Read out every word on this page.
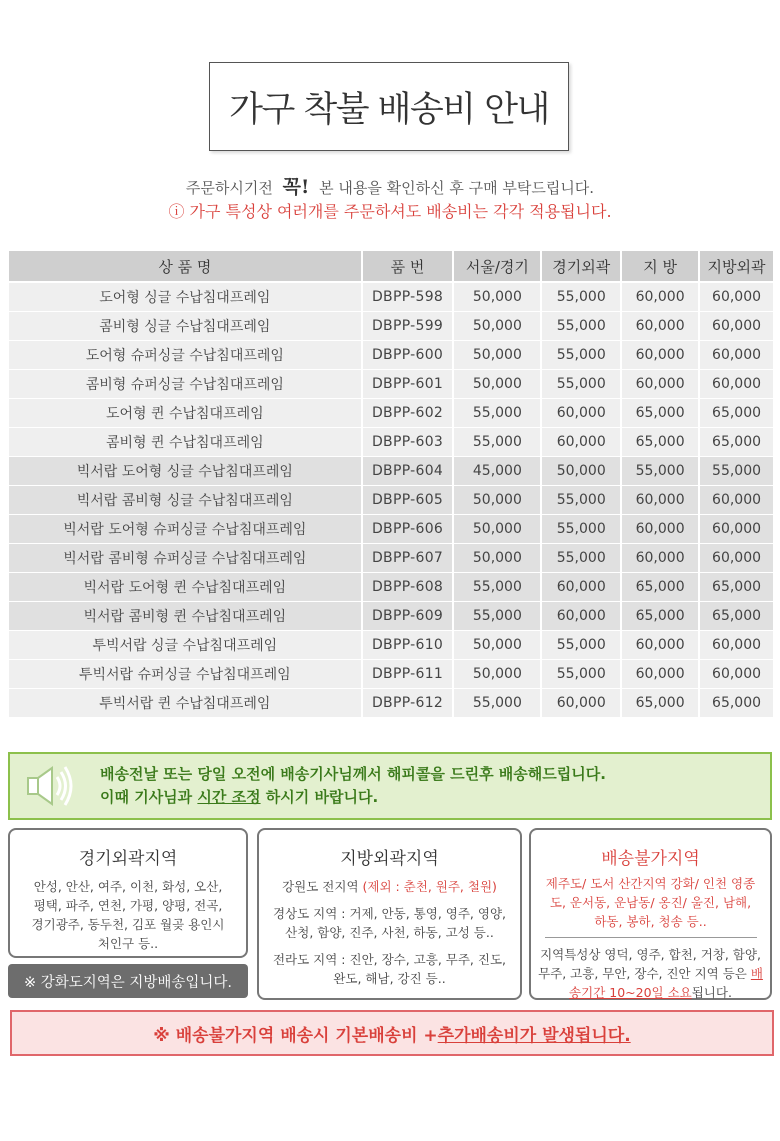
가구 착불 배송비 안내
주문하시기전 꼭! 본 내용을 확인하신 후 구매 부탁드립니다.
ⓘ 가구 특성상 여러개를 주문하셔도 배송비는 각각 적용됩니다.
상 품 명	품 번	서울/경기	경기외곽	지 방	지방외곽
도어형 싱글 수납침대프레임	DBPP-598	50,000	55,000	60,000	60,000
콤비형 싱글 수납침대프레임	DBPP-599	50,000	55,000	60,000	60,000
도어형 슈퍼싱글 수납침대프레임	DBPP-600	50,000	55,000	60,000	60,000
콤비형 슈퍼싱글 수납침대프레임	DBPP-601	50,000	55,000	60,000	60,000
도어형 퀸 수납침대프레임	DBPP-602	55,000	60,000	65,000	65,000
콤비형 퀸 수납침대프레임	DBPP-603	55,000	60,000	65,000	65,000
빅서랍 도어형 싱글 수납침대프레임	DBPP-604	45,000	50,000	55,000	55,000
빅서랍 콤비형 싱글 수납침대프레임	DBPP-605	50,000	55,000	60,000	60,000
빅서랍 도어형 슈퍼싱글 수납침대프레임	DBPP-606	50,000	55,000	60,000	60,000
빅서랍 콤비형 슈퍼싱글 수납침대프레임	DBPP-607	50,000	55,000	60,000	60,000
빅서랍 도어형 퀸 수납침대프레임	DBPP-608	55,000	60,000	65,000	65,000
빅서랍 콤비형 퀸 수납침대프레임	DBPP-609	55,000	60,000	65,000	65,000
투빅서랍 싱글 수납침대프레임	DBPP-610	50,000	55,000	60,000	60,000
투빅서랍 슈퍼싱글 수납침대프레임	DBPP-611	50,000	55,000	60,000	60,000
투빅서랍 퀸 수납침대프레임	DBPP-612	55,000	60,000	65,000	65,000
배송전날 또는 당일 오전에 배송기사님께서 해피콜을 드린후 배송해드립니다.
이때 기사님과 시간 조정 하시기 바랍니다.
경기외곽지역

안성, 안산, 여주, 이천, 화성, 오산, 평택, 파주, 연천, 가평, 양평, 전곡, 경기광주, 동두천, 김포 월곶 용인시 처인구 등..

※ 강화도지역은 지방배송입니다.
지방외곽지역

강원도 전지역 (제외 : 춘천, 원주, 철원)

경상도 지역 : 거제, 안동, 통영, 영주, 영양, 산청, 함양, 진주, 사천, 하동, 고성 등..

전라도 지역 : 진안, 장수, 고흥, 무주, 진도, 완도, 해남, 강진 등..

배송불가지역

제주도/ 도서 산간지역 강화/ 인천 영종도, 운서동, 운남동/ 옹진/ 울진, 남해, 하동, 봉하, 청송 등..

지역특성상 영덕, 영주, 합천, 거창, 함양, 무주, 고흥, 무안, 장수, 진안 지역 등은 배송기간 10~20일 소요됩니다.

※ 배송불가지역 배송시 기본배송비 + 추가배송비가 발생됩니다.
